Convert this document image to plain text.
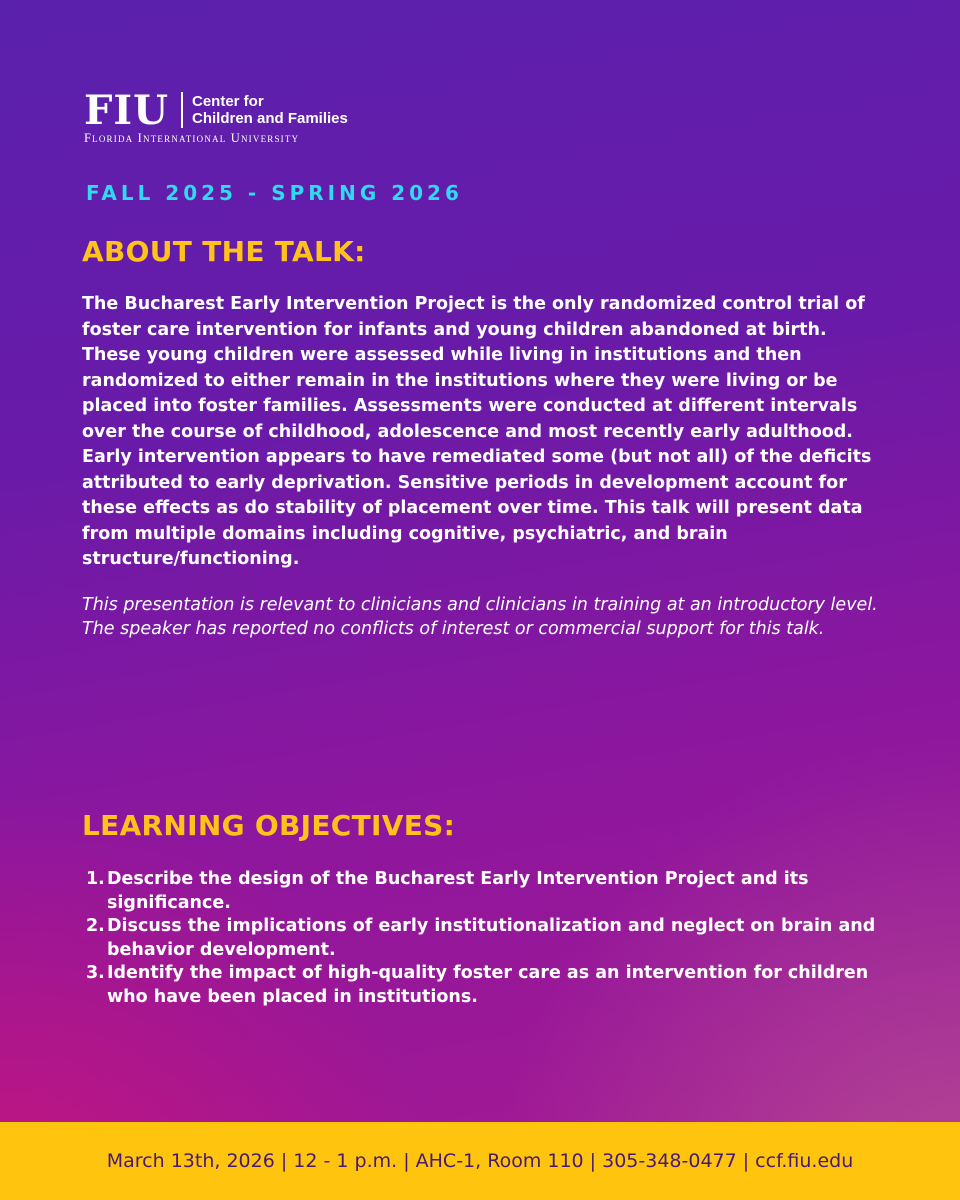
FIU Center for
Children and Families
Florida International University
FALL 2025 - SPRING 2026
ABOUT THE TALK:

The Bucharest Early Intervention Project is the only randomized control trial of foster care intervention for infants and young children abandoned at birth. These young children were assessed while living in institutions and then randomized to either remain in the institutions where they were living or be placed into foster families. Assessments were conducted at different intervals over the course of childhood, adolescence and most recently early adulthood. Early intervention appears to have remediated some (but not all) of the deficits attributed to early deprivation. Sensitive periods in development account for these effects as do stability of placement over time. This talk will present data from multiple domains including cognitive, psychiatric, and brain structure/functioning.

This presentation is relevant to clinicians and clinicians in training at an introductory level. The speaker has reported no conflicts of interest or commercial support for this talk.

LEARNING OBJECTIVES:
1. Describe the design of the Bucharest Early Intervention Project and its significance.
2. Discuss the implications of early institutionalization and neglect on brain and behavior development.
3. Identify the impact of high-quality foster care as an intervention for children who have been placed in institutions.
March 13th, 2026 | 12 - 1 p.m. | AHC-1, Room 110 | 305-348-0477 | ccf.fiu.edu
